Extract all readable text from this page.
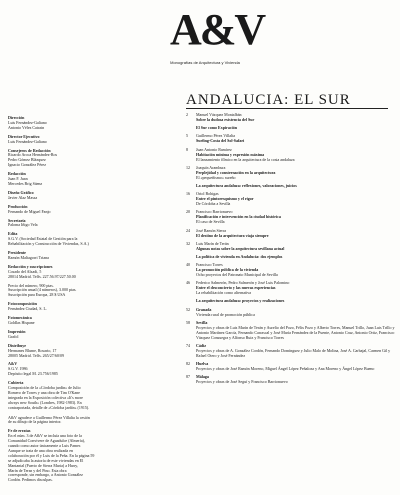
A&V
Monografías de Arquitectura y Vivienda
ANDALUCIA: EL SUR

Dirección

Luis Fernández-Galiano

Antonio Vélez Catrain

Director Ejecutivo

Luis Fernández-Galiano

Consejeros de Redacción

Ricardo Aroca Hernández-Ros

Pedro Gómez Blázquez

Ignacio González Pérez

Redacción

Juan F. Juan

Mercedes Brig Sáenz

Diseño Gráfico

Javier Alaz Massa

Producción

Fernando de Miguel Fanjo

Secretaría

Paloma Iñigo Vela

Edita

S.G.V. (Sociedad Estatal de Gestión para la

Rehabilitación y Construcción de Viviendas, S.A.)

Presidente

Ramón Maltagorri Triana

Redacción y suscripciones

Cosado del Alzadi, 5

28014 Madrid. Telfs. 227.56.97/227.50.00

Precio del número, 900 ptas.

Suscripción anual (4 números), 3.000 ptas.

Suscripción para Europa, 28 $ USA

Fotocomposición

Fernández Ciudad, S. L.

Fotomecánica

Goldlas Hispane

Impresión

Grafol

Distribuye

Hermanes Blume, Rosario, 17

28005 Madrid. Telfs. 265/27/60/09

A&V

S.G.V. 1986

Depósito legal M. 23.756/1985

Cubierta

Composición de la «Córdoba jardín» de Julio

Romero de Torres y una obra de Tim O'Kane

integrada en la Exposición colectiva «It's more

always new South» (Londres, 1982-1983). En

contraportada, detalle de «Córdoba jardín» (1915).

A&V agradece a Guillermo Pérez Villalta la cesión

de su dibujo de la página interior.

Fe de erratas

En el núm. 3 de A&V se incluía una foto de la

Comunidad Convivere de Aguadulce (Almería),

cuando como autor únicamente a Luis Pamer.

Aunque se trata de una obra realizada en

colaboración por él y Luis de la Peña. En la página 59

se adjudicaba la autoría de este viviendas en El

Mantantal (Puerto de Sierra Maria) a Harry,

Marín de Tersn y del Pino. Esta obra

corresponde, sin embargo, a Antonio González

Cordón. Pedimos disculpas.

2 Manuel Vázquez Montalbán
Sobre la dudosa existencia del Sur
El Sur como Expiración
5 Guillermo Pérez Villalta
Surfing-Costa del Sol-Safari
8 Juan Antonio Ramírez
Habitación mínima y expresión máxima
El lanzamiento fílmico en la arquitectura de la costa andaluza
12 Joaquín Arambura
Perplejidad y consternación en la arquitectura
El «pequeñismo» sureño
La arquitectura andaluza: reflexiones, valoraciones, juicios
16 Oriol Bohigas
Entre el pintoresquismo y el rigor
De Córdoba a Sevilla
20 Francisco Barrionuevo
Planificación e intervención en la ciudad histórica
El caso de Sevilla
24 José Ramón Sierra
El destino de la arquitectura viaja siempre
32 Luis Marín de Terán
Algunas notas sobre la arquitectura sevillana actual
La política de vivienda en Andalucía: dos ejemplos
40 Francisco Torres
La promoción pública de la vivienda
Ocho proyectos del Patronato Municipal de Sevilla
46 Federico Salmerón, Pedro Salmerón y José Luis Palomino
Entre el desconcierto y las nuevas experiencias
La rehabilitación como alternativa
La arquitectura andaluza: proyectos y realizaciones
52 Granada
Vivienda rural de promoción pública
58 Sevilla
Proyectos y obras de Luis Marín de Terán y Aurelio del Pozo, Félix Pozo y Alberto Torres, Manuel Trillo, Juan Luis Trillo y Antonio Martínez García, Fernando Carrascal y José María Fernández de la Puente, Antonio Cruz, Antonio Ortiz, Francisco Vázquez Consuegra y Alfonso Ruiz y Francisco Torres
74 Cádiz
Proyectos y obras de A. González Cordón, Fernando Domínguez y Julio Malo de Molina, José A. Carbajal, Carmen Gil y Rafael Otero y José Fernández
82 Huelva
Proyectos y obras de José Ramón Moreno, Miguel Ángel López Peñaloza y Ana Moreno y Ángel López Bueno
87 Málaga
Proyectos y obras de José Seguí y Francisco Barrionuevo
